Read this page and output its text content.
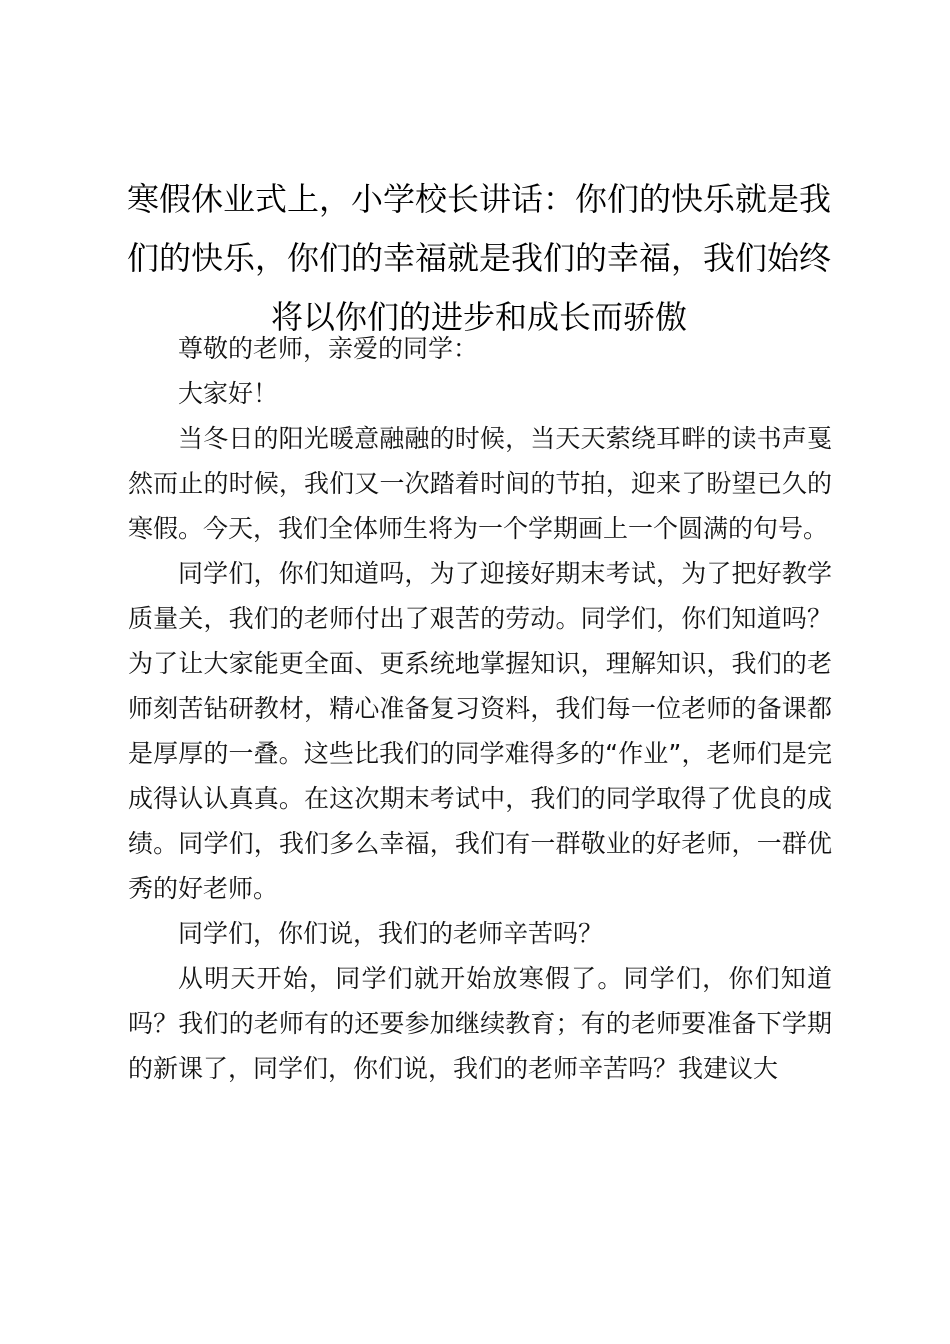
寒假休业式上，小学校长讲话：你们的快乐就是我们的快乐，你们的幸福就是我们的幸福，我们始终将以你们的进步和成长而骄傲

尊敬的老师，亲爱的同学：

大家好！

当冬日的阳光暖意融融的时候，当天天萦绕耳畔的读书声戛然而止的时候，我们又一次踏着时间的节拍，迎来了盼望已久的寒假。今天，我们全体师生将为一个学期画上一个圆满的句号。

同学们，你们知道吗，为了迎接好期末考试，为了把好教学质量关，我们的老师付出了艰苦的劳动。同学们，你们知道吗？为了让大家能更全面、更系统地掌握知识，理解知识，我们的老师刻苦钻研教材，精心准备复习资料，我们每一位老师的备课都是厚厚的一叠。这些比我们的同学难得多的“作业”，老师们是完成得认认真真。在这次期末考试中，我们的同学取得了优良的成绩。同学们，我们多么幸福，我们有一群敬业的好老师，一群优秀的好老师。

同学们，你们说，我们的老师辛苦吗？

从明天开始，同学们就开始放寒假了。同学们，你们知道吗？我们的老师有的还要参加继续教育；有的老师要准备下学期的新课了，同学们，你们说，我们的老师辛苦吗？我建议大
